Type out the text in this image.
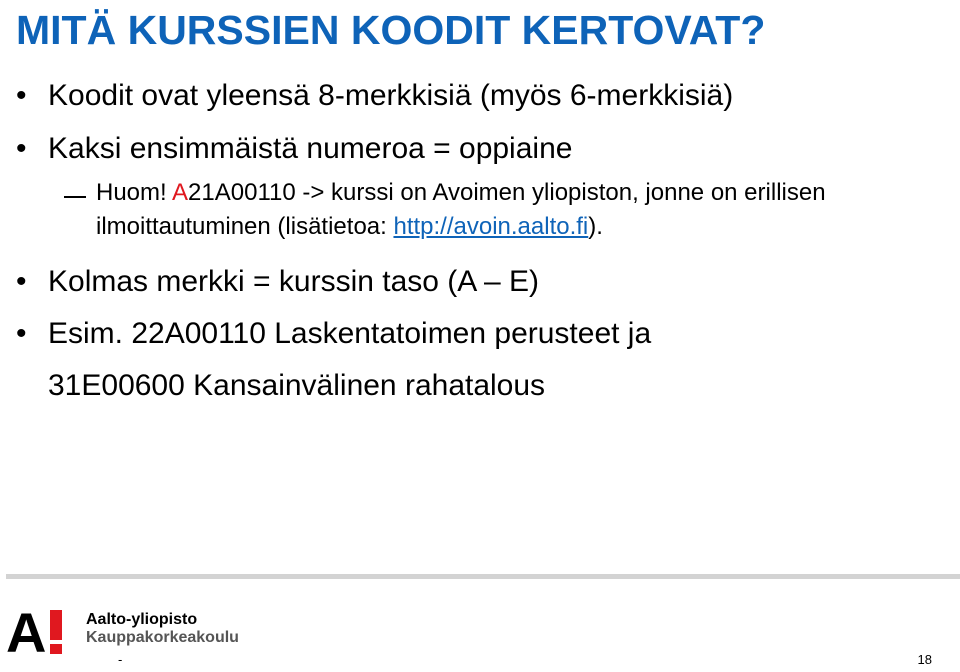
MITÄ KURSSIEN KOODIT KERTOVAT?
• Koodit ovat yleensä 8-merkkisiä (myös 6-merkkisiä)
• Kaksi ensimmäistä numeroa = oppiaine
Huom! A21A00110 -> kurssi on Avoimen yliopiston, jonne on erillisen ilmoittautuminen (lisätietoa: http://avoin.aalto.fi).
• Kolmas merkki = kurssin taso (A – E)
• Esim. 22A00110 Laskentatoimen perusteet ja
31E00600 Kansainvälinen rahatalous
A Aalto-yliopisto
Kauppakorkeakoulu
-	18
